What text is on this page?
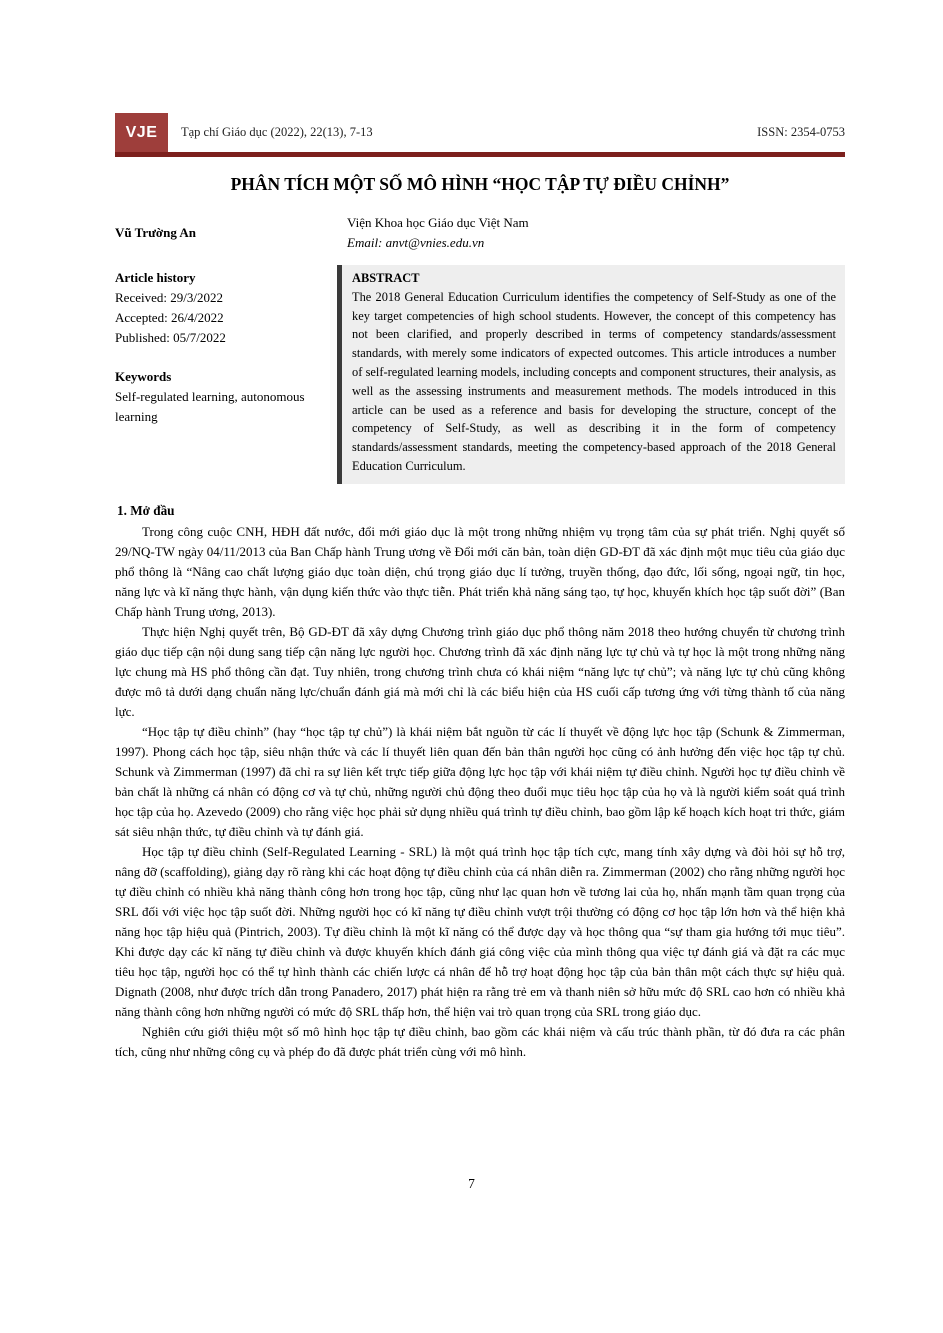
VJE	Tạp chí Giáo dục (2022), 22(13), 7-13	ISSN: 2354-0753
PHÂN TÍCH MỘT SỐ MÔ HÌNH “HỌC TẬP TỰ ĐIỀU CHỈNH”
Vũ Trường An
Viện Khoa học Giáo dục Việt Nam
Email: anvt@vnies.edu.vn
Article history
Received: 29/3/2022
Accepted: 26/4/2022
Published: 05/7/2022
Keywords
Self-regulated learning, autonomous learning
ABSTRACT
The 2018 General Education Curriculum identifies the competency of Self-Study as one of the key target competencies of high school students. However, the concept of this competency has not been clarified, and properly described in terms of competency standards/assessment standards, with merely some indicators of expected outcomes. This article introduces a number of self-regulated learning models, including concepts and component structures, their analysis, as well as the assessing instruments and measurement methods. The models introduced in this article can be used as a reference and basis for developing the structure, concept of the competency of Self-Study, as well as describing it in the form of competency standards/assessment standards, meeting the competency-based approach of the 2018 General Education Curriculum.
1. Mở đầu

Trong công cuộc CNH, HĐH đất nước, đổi mới giáo dục là một trong những nhiệm vụ trọng tâm của sự phát triển. Nghị quyết số 29/NQ-TW ngày 04/11/2013 của Ban Chấp hành Trung ương về Đổi mới căn bản, toàn diện GD-ĐT đã xác định một mục tiêu của giáo dục phổ thông là “Nâng cao chất lượng giáo dục toàn diện, chú trọng giáo dục lí tưởng, truyền thống, đạo đức, lối sống, ngoại ngữ, tin học, năng lực và kĩ năng thực hành, vận dụng kiến thức vào thực tiễn. Phát triển khả năng sáng tạo, tự học, khuyến khích học tập suốt đời” (Ban Chấp hành Trung ương, 2013).

Thực hiện Nghị quyết trên, Bộ GD-ĐT đã xây dựng Chương trình giáo dục phổ thông năm 2018 theo hướng chuyển từ chương trình giáo dục tiếp cận nội dung sang tiếp cận năng lực người học. Chương trình đã xác định năng lực tự chủ và tự học là một trong những năng lực chung mà HS phổ thông cần đạt. Tuy nhiên, trong chương trình chưa có khái niệm “năng lực tự chủ”; và năng lực tự chủ cũng không được mô tả dưới dạng chuẩn năng lực/chuẩn đánh giá mà mới chỉ là các biểu hiện của HS cuối cấp tương ứng với từng thành tố của năng lực.

“Học tập tự điều chỉnh” (hay “học tập tự chủ”) là khái niệm bắt nguồn từ các lí thuyết về động lực học tập (Schunk & Zimmerman, 1997). Phong cách học tập, siêu nhận thức và các lí thuyết liên quan đến bản thân người học cũng có ảnh hưởng đến việc học tập tự chủ. Schunk và Zimmerman (1997) đã chỉ ra sự liên kết trực tiếp giữa động lực học tập với khái niệm tự điều chỉnh. Người học tự điều chỉnh về bản chất là những cá nhân có động cơ và tự chủ, những người chủ động theo đuổi mục tiêu học tập của họ và là người kiểm soát quá trình học tập của họ. Azevedo (2009) cho rằng việc học phải sử dụng nhiều quá trình tự điều chỉnh, bao gồm lập kế hoạch kích hoạt tri thức, giám sát siêu nhận thức, tự điều chỉnh và tự đánh giá.

Học tập tự điều chỉnh (Self-Regulated Learning - SRL) là một quá trình học tập tích cực, mang tính xây dựng và đòi hỏi sự hỗ trợ, nâng đỡ (scaffolding), giảng dạy rõ ràng khi các hoạt động tự điều chỉnh của cá nhân diễn ra. Zimmerman (2002) cho rằng những người học tự điều chỉnh có nhiều khả năng thành công hơn trong học tập, cũng như lạc quan hơn về tương lai của họ, nhấn mạnh tầm quan trọng của SRL đối với việc học tập suốt đời. Những người học có kĩ năng tự điều chỉnh vượt trội thường có động cơ học tập lớn hơn và thể hiện khả năng học tập hiệu quả (Pintrich, 2003). Tự điều chỉnh là một kĩ năng có thể được dạy và học thông qua “sự tham gia hướng tới mục tiêu”. Khi được dạy các kĩ năng tự điều chỉnh và được khuyến khích đánh giá công việc của mình thông qua việc tự đánh giá và đặt ra các mục tiêu học tập, người học có thể tự hình thành các chiến lược cá nhân để hỗ trợ hoạt động học tập của bản thân một cách thực sự hiệu quả. Dignath (2008, như được trích dẫn trong Panadero, 2017) phát hiện ra rằng trẻ em và thanh niên sở hữu mức độ SRL cao hơn có nhiều khả năng thành công hơn những người có mức độ SRL thấp hơn, thể hiện vai trò quan trọng của SRL trong giáo dục.

Nghiên cứu giới thiệu một số mô hình học tập tự điều chỉnh, bao gồm các khái niệm và cấu trúc thành phần, từ đó đưa ra các phân tích, cũng như những công cụ và phép đo đã được phát triển cùng với mô hình.

7
